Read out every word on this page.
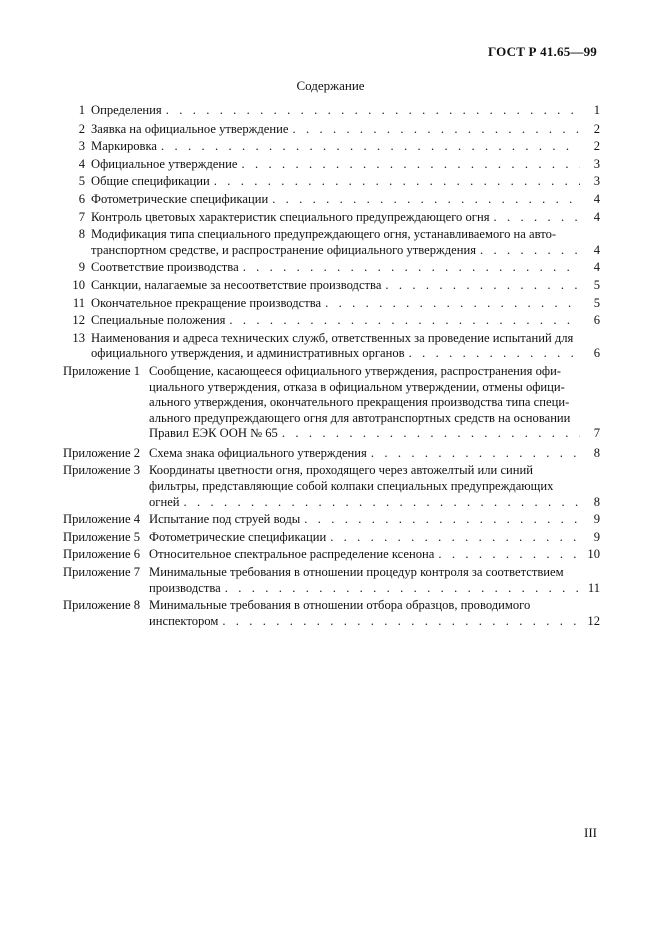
ГОСТ Р 41.65—99
Содержание
1 Определения . . .	1
2 Заявка на официальное утверждение . . .	2
3 Маркировка . . .	2
4 Официальное утверждение . . .	3
5 Общие спецификации . . .	3
6 Фотометрические спецификации . . .	4
7 Контроль цветовых характеристик специального предупреждающего огня . . .	4
8 Модификация типа специального предупреждающего огня, устанавливаемого на авто-
транспортном средстве, и распространение официального утверждения . . .	4
9 Соответствие производства . . .	4
10 Санкции, налагаемые за несоответствие производства . . .	5
11 Окончательное прекращение производства . . .	5
12 Специальные положения . . .	6
13 Наименования и адреса технических служб, ответственных за проведение испытаний для
официального утверждения, и административных органов . . .	6
Приложение 1 Сообщение, касающееся официального утверждения, распространения офи-
циального утверждения, отказа в официальном утверждении, отмены офици-
ального утверждения, окончательного прекращения производства типа специ-
ального предупреждающего огня для автотранспортных средств на основании
Правил ЕЭК ООН № 65 . . .	7
Приложение 2 Схема знака официального утверждения . . .	8
Приложение 3 Координаты цветности огня, проходящего через автожелтый или синий
фильтры, представляющие собой колпаки специальных предупреждающих
огней . . .	8
Приложение 4 Испытание под струей воды . . .	9
Приложение 5 Фотометрические спецификации . . .	9
Приложение 6 Относительное спектральное распределение ксенона . . .	10
Приложение 7 Минимальные требования в отношении процедур контроля за соответствием
производства . . .	11
Приложение 8 Минимальные требования в отношении отбора образцов, проводимого
инспектором . . .	12
III
